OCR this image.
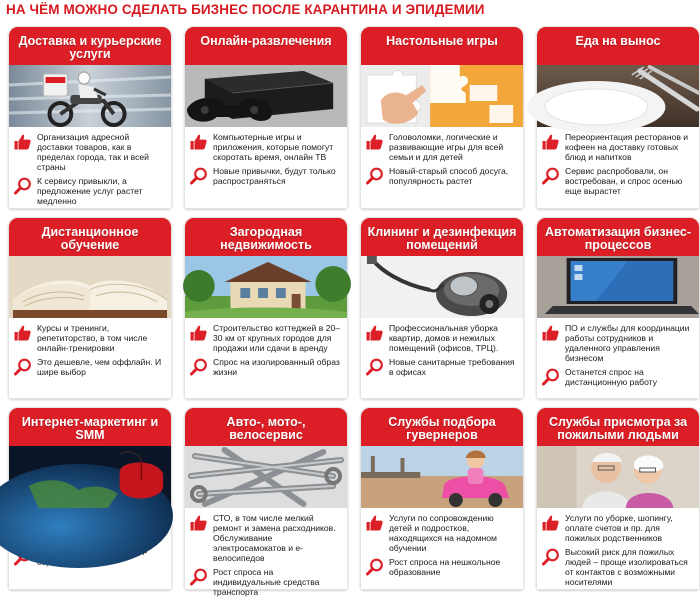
НА ЧЁМ МОЖНО СДЕЛАТЬ БИЗНЕС ПОСЛЕ КАРАНТИНА И ЭПИДЕМИИ
Доставка и курьерские услуги
Организация адресной доставки товаров, как в пределах города, так и всей страны
К сервису привыкли, а предложение услуг растет медленно
Онлайн-развлечения
Компьютерные игры и приложения, которые помогут скоротать время, онлайн ТВ
Новые привычки, будут только распространяться
Настольные игры
Головоломки, логические и развивающие игры для всей семьи и для детей
Новый-старый способ досуга, популярность растет
Еда на вынос
Переориентация ресторанов и кофеен на доставку готовых блюд и напитков
Сервис распробовали, он востребован, и спрос осенью еще вырастет
Дистанционное обучение
Курсы и тренинги, репетиторство, в том числе онлайн-тренировки
Это дешевле, чем оффлайн. И шире выбор
Загородная недвижимость
Строительство коттеджей в 20–30 км от крупных городов для продажи или сдачи в аренду
Спрос на изолированный образ жизни
Клининг и дезинфекция помещений
Профессиональная уборка квартир, домов и нежилых помещений (офисов, ТРЦ).
Новые санитарные требования в офисах
Автоматизация бизнес-процессов
ПО и службы для координации работы сотрудников и удаленного управления бизнесом
Останется спрос на дистанционную работу
Интернет-маркетинг и SMM
Авто-, мото-, велосервис
СТО, в том числе мелкий ремонт и замена расходников. Обслуживание электросамокатов и е-велосипедов
Рост спроса на индивидуальные средства транспорта
Службы подбора гувернеров
Услуги по сопровождению детей и подростков, находящихся на надомном обучении
Рост спроса на нешкольное образование
Службы присмотра за пожилыми людьми
Услуги по уборке, шопингу, оплате счетов и пр. для пожилых родственников
Высокий риск для пожилых людей – проще изолироваться от контактов с возможными носителями
